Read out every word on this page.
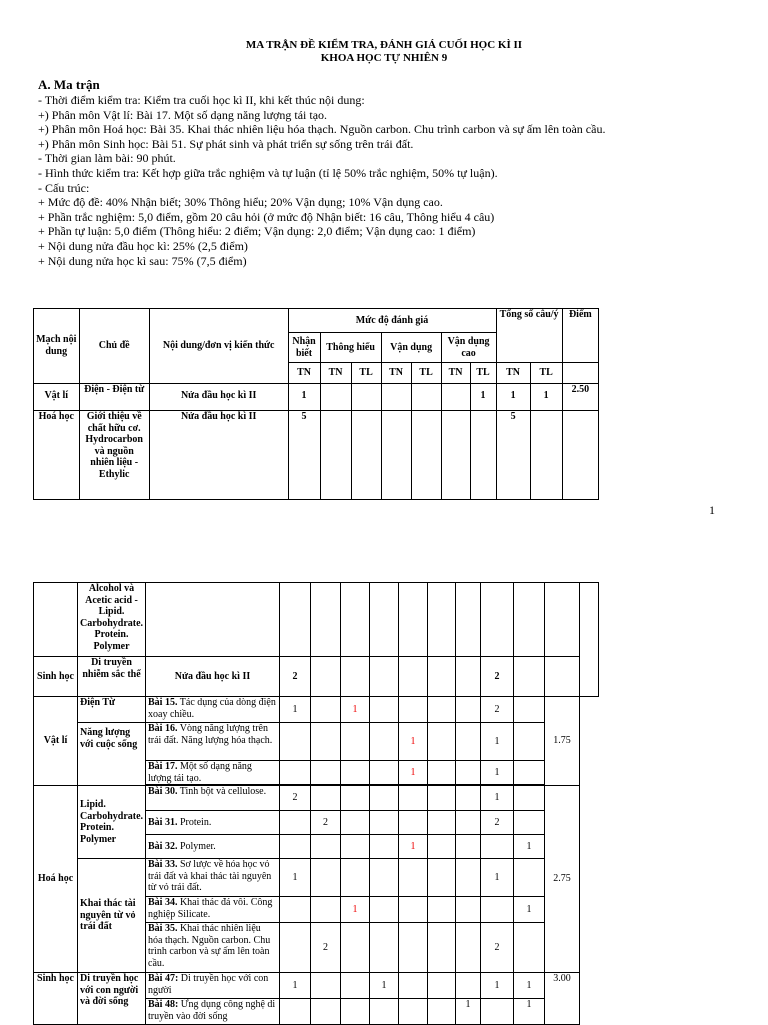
MA TRẬN ĐỀ KIỂM TRA, ĐÁNH GIÁ CUỐI HỌC KÌ II
KHOA HỌC TỰ NHIÊN 9
A. Ma trận
- Thời điểm kiểm tra: Kiểm tra cuối học kì II, khi kết thúc nội dung:
+) Phân môn Vật lí: Bài 17. Một số dạng năng lượng tái tạo.
+) Phân môn Hoá học: Bài 35. Khai thác nhiên liệu hóa thạch. Nguồn carbon. Chu trình carbon và sự ấm lên toàn cầu.
+) Phân môn Sinh học: Bài 51. Sự phát sinh và phát triển sự sống trên trái đất.
- Thời gian làm bài: 90 phút.
- Hình thức kiểm tra: Kết hợp giữa trắc nghiệm và tự luận (tỉ lệ 50% trắc nghiệm, 50% tự luận).
- Cấu trúc:
+ Mức độ đề: 40% Nhận biết; 30% Thông hiểu; 20% Vận dụng; 10% Vận dụng cao.
+ Phần trắc nghiệm: 5,0 điểm, gồm 20 câu hỏi (ở mức độ Nhận biết: 16 câu, Thông hiểu 4 câu)
+ Phần tự luận: 5,0 điểm (Thông hiểu: 2 điểm; Vận dụng: 2,0 điểm; Vận dụng cao: 1 điểm)
+ Nội dung nửa đầu học kì: 25% (2,5 điểm)
+ Nội dung nửa học kì sau: 75% (7,5 điểm)
Mạch nội dung	Chủ đề	Nội dung/đơn vị kiến thức	Mức độ đánh giá							Tổng số câu/ý		Điểm
			Nhận biết	Thông hiểu		Vận dụng		Vận dụng cao				
			TN	TN	TL	TN	TL	TN	TL	TN	TL	
Vật lí	Điện - Điện từ	Nửa đầu học kì II	1						1	1	1	2.50
Hoá học	Giới thiệu về chất hữu cơ. Hydrocarbon và nguồn nhiên liệu - Ethylic	Nửa đầu học kì II	5							5		
1
	Alcohol và Acetic acid - Lipid. Carbohydrate. Protein. Polymer												
Sinh học	Di truyền nhiễm sắc thể	Nửa đầu học kì II	2							2			
Vật lí	Điện Từ	Bài 15. Tác dụng của dòng điện xoay chiều.	1		1					2		1.75	
	Năng lượng với cuộc sống	Bài 16. Vòng năng lượng trên trái đất. Năng lượng hóa thạch.					1			1			
		Bài 17. Một số dạng năng lượng tái tạo.					1			1			

Hoá học	Lipid. Carbohydrate. Protein. Polymer	Bài 30. Tinh bột và cellulose.	2							1		2.75	
		Bài 31. Protein.		2						2			
		Bài 32. Polymer.					1				1		
	Khai thác tài nguyên từ vỏ trái đất	Bài 33. Sơ lược về hóa học vỏ trái đất và khai thác tài nguyên từ vỏ trái đất.	1							1			
		Bài 34. Khai thác đá vôi. Công nghiệp Silicate.			1						1		
		Bài 35. Khai thác nhiên liệu hóa thạch. Nguồn carbon. Chu trình carbon và sự ấm lên toàn cầu.		2						2			
Sinh học	Di truyền học với con người và đời sống	Bài 47: Di truyền học với con người	1			1				1	1	3.00	
		Bài 48: Ứng dụng công nghệ di truyền vào đời sống							1		1		
